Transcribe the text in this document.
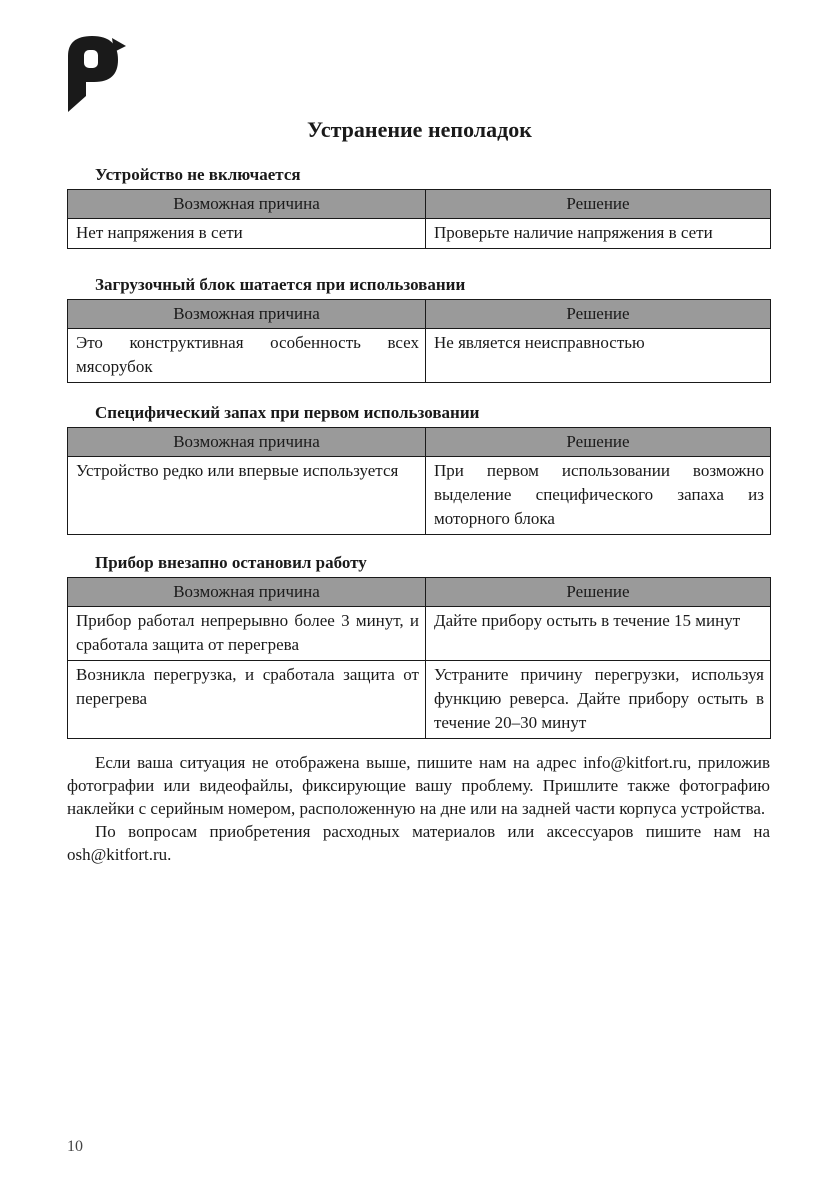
Устранение неполадок
Устройство не включается
Возможная причина	Решение
Нет напряжения в сети	Проверьте наличие напряжения в сети
Загрузочный блок шатается при использовании
Возможная причина	Решение
Это конструктивная особенность всех мясорубок	Не является неисправностью
Специфический запах при первом использовании
Возможная причина	Решение
Устройство редко или впервые используется	При первом использовании возможно выделение специфического запаха из моторного блока
Прибор внезапно остановил работу
Возможная причина	Решение
Прибор работал непрерывно более 3 минут, и сработала защита от перегрева	Дайте прибору остыть в течение 15 минут
Возникла перегрузка, и сработала защита от перегрева	Устраните причину перегрузки, используя функцию реверса. Дайте прибору остыть в течение 20–30 минут

Если ваша ситуация не отображена выше, пишите нам на адрес info@kitfort.ru, приложив фотографии или видеофайлы, фиксирующие вашу проблему. Пришлите также фотографию наклейки с серийным номером, расположенную на дне или на задней части корпуса устройства.

По вопросам приобретения расходных материалов или аксессуаров пишите нам на osh@kitfort.ru.

10
